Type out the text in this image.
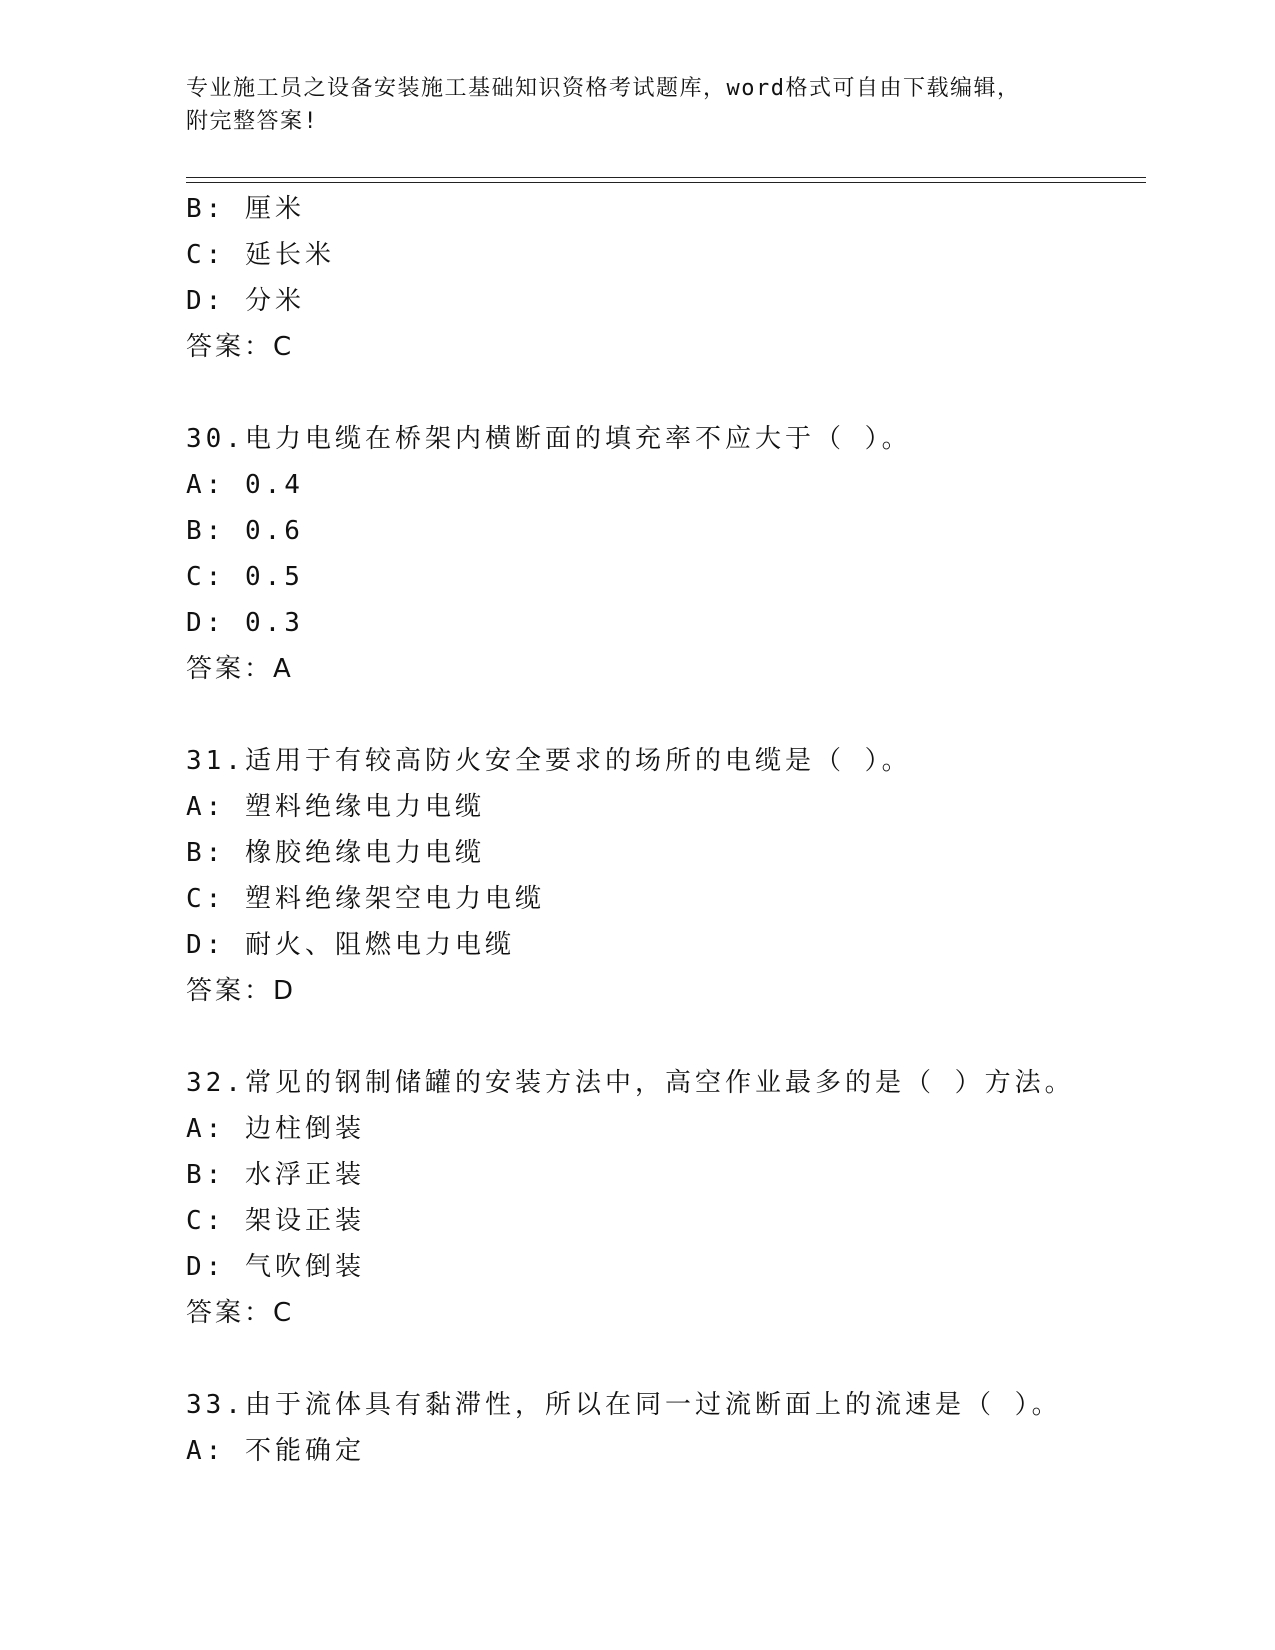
专业施工员之设备安装施工基础知识资格考试题库，word格式可自由下载编辑，
附完整答案!
B: 厘米
C: 延长米
D: 分米
答案：C
30.电力电缆在桥架内横断面的填充率不应大于（ ）。
A: 0.4
B: 0.6
C: 0.5
D: 0.3
答案：A
31.适用于有较高防火安全要求的场所的电缆是（ ）。
A: 塑料绝缘电力电缆
B: 橡胶绝缘电力电缆
C: 塑料绝缘架空电力电缆
D: 耐火、阻燃电力电缆
答案：D
32.常见的钢制储罐的安装方法中，高空作业最多的是（ ）方法。
A: 边柱倒装
B: 水浮正装
C: 架设正装
D: 气吹倒装
答案：C
33.由于流体具有黏滞性，所以在同一过流断面上的流速是（ ）。
A: 不能确定
